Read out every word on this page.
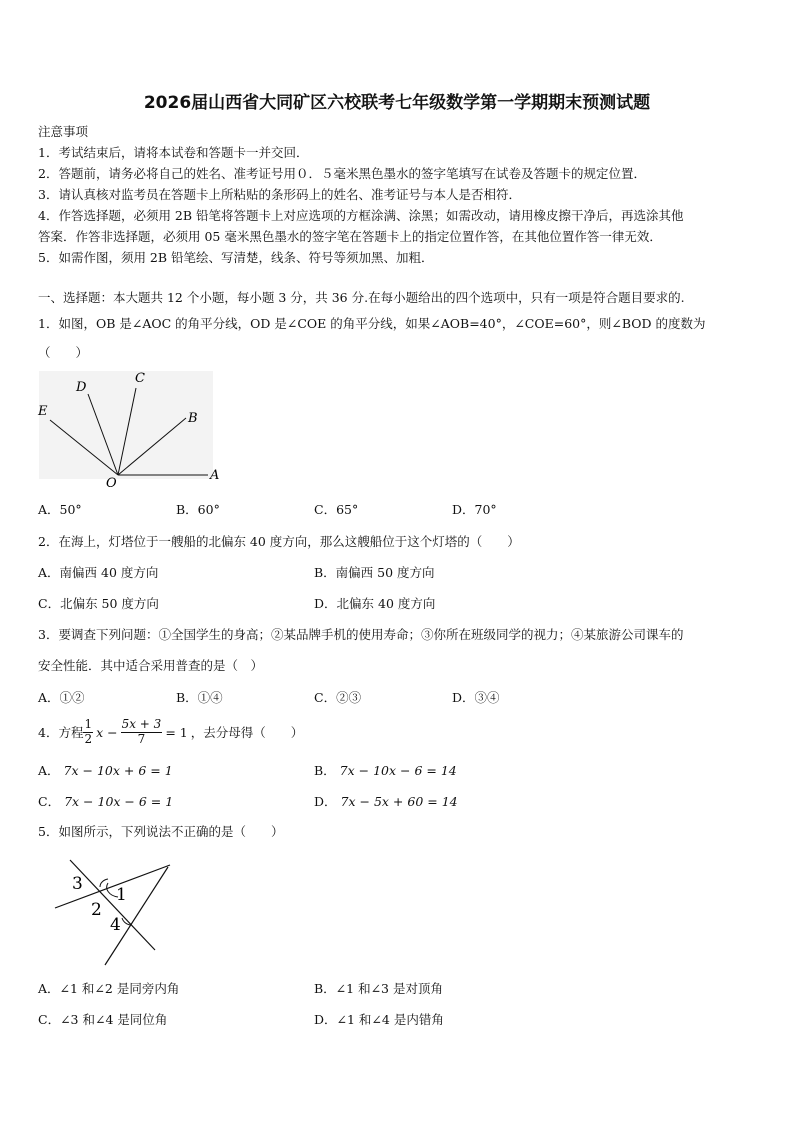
2026届山西省大同矿区六校联考七年级数学第一学期期末预测试题
注意事项
1．考试结束后，请将本试卷和答题卡一并交回．
2．答题前，请务必将自己的姓名、准考证号用０．５毫米黑色墨水的签字笔填写在试卷及答题卡的规定位置．
3．请认真核对监考员在答题卡上所粘贴的条形码上的姓名、准考证号与本人是否相符．
4．作答选择题，必须用 2B 铅笔将答题卡上对应选项的方框涂满、涂黑；如需改动，请用橡皮擦干净后，再选涂其他
答案．作答非选择题，必须用 05 毫米黑色墨水的签字笔在答题卡上的指定位置作答，在其他位置作答一律无效．
5．如需作图，须用 2B 铅笔绘、写清楚，线条、符号等须加黑、加粗．
一、选择题：本大题共 12 个小题，每小题 3 分，共 36 分.在每小题给出的四个选项中，只有一项是符合题目要求的.
1．如图，OB 是∠AOC 的角平分线，OD 是∠COE 的角平分线，如果∠AOB=40°，∠COE=60°，则∠BOD 的度数为
（　　）
D
C
E	B
O
A
A．50°	B．60°	C．65°	D．70°
2．在海上，灯塔位于一艘船的北偏东 40 度方向，那么这艘船位于这个灯塔的（　　）
A．南偏西 40 度方向	B．南偏西 50 度方向
C．北偏东 50 度方向	D．北偏东 40 度方向
3．要调查下列问题：①全国学生的身高；②某品牌手机的使用寿命；③你所在班级同学的视力；④某旅游公司课车的
安全性能．其中适合采用普查的是（　）
A．①②	B．①④	C．②③	D．③④
4．方程 $\frac{1}{2}$ $x - \frac{5x + 3}{7} = 1$ ，去分母得（　　）
A． 7x − 10x + 6 = 1	B． 7x − 10x − 6 = 14
C． 7x − 10x − 6 = 1	D． 7x − 5x + 60 = 14
5．如图所示，下列说法不正确的是（　　）
3
1
2
4
A．∠1 和∠2 是同旁内角	B．∠1 和∠3 是对顶角
C．∠3 和∠4 是同位角	D．∠1 和∠4 是内错角
